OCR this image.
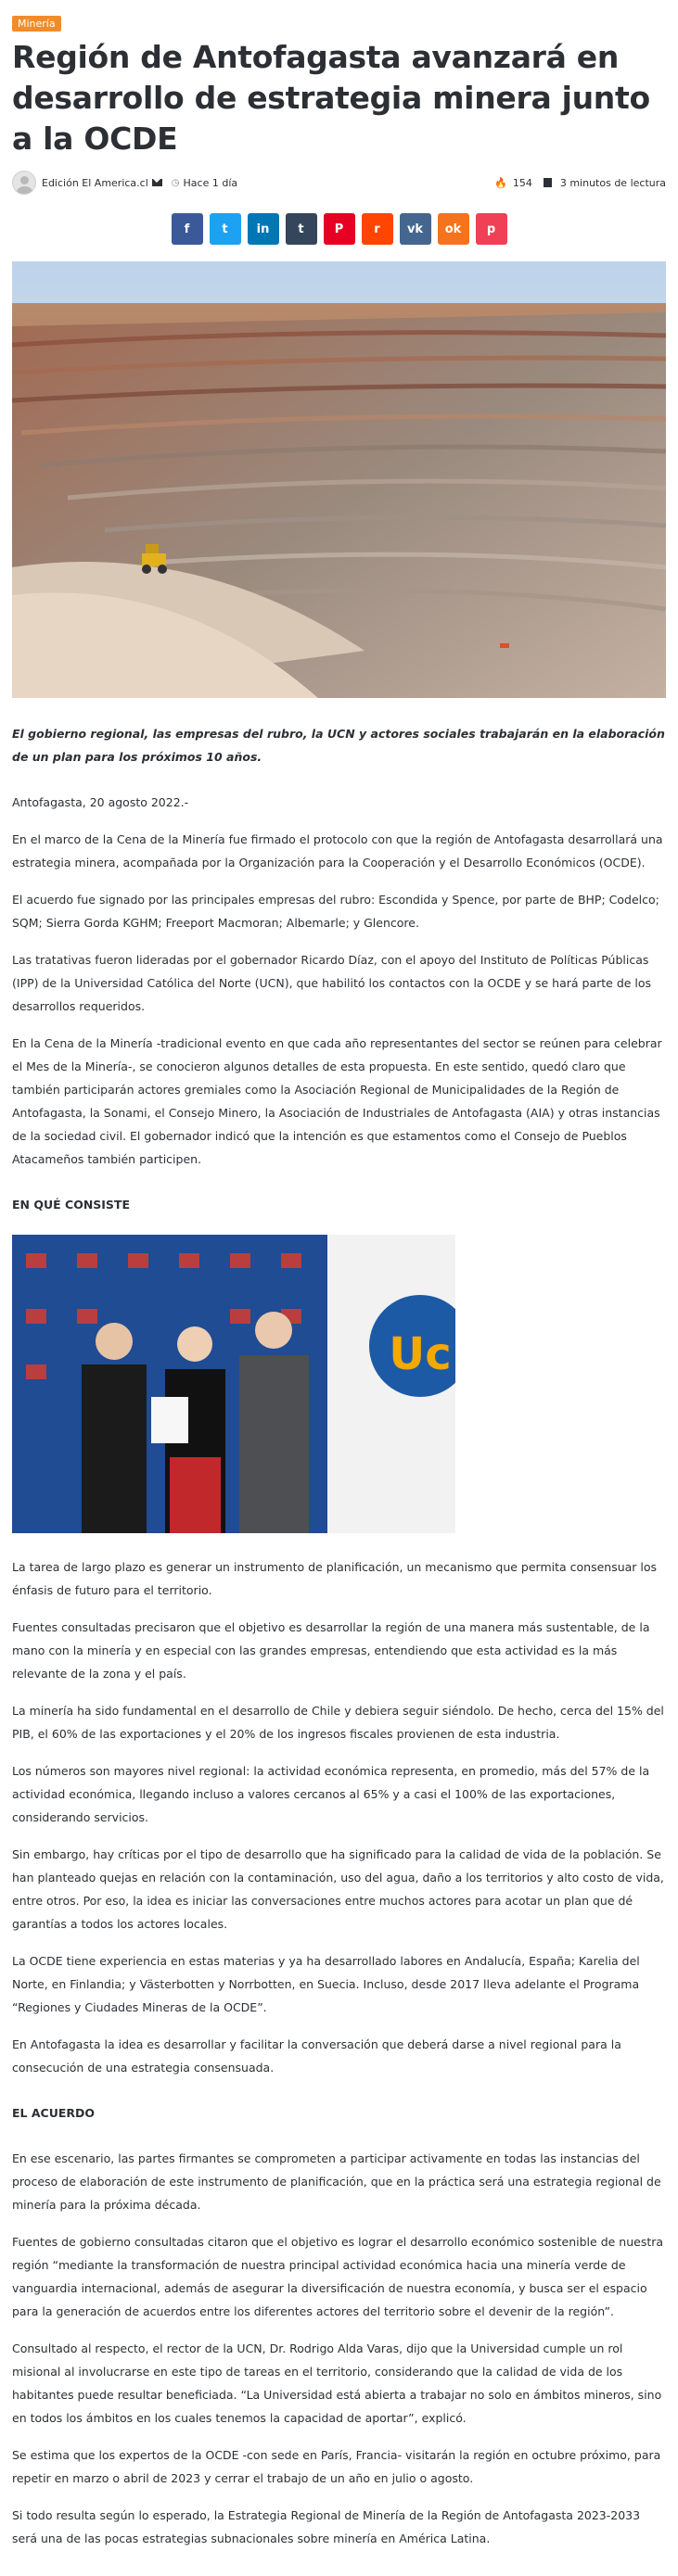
Minería
Región de Antofagasta avanzará en desarrollo de estrategia minera junto a la OCDE
Edición El America.cl	◷ Hace 1 día	🔥 154	3 minutos de lectura
f	t in t	P	r vk ok p

El gobierno regional, las empresas del rubro, la UCN y actores sociales trabajarán en la elaboración de un plan para los próximos 10 años.

Antofagasta, 20 agosto 2022.-

En el marco de la Cena de la Minería fue firmado el protocolo con que la región de Antofagasta desarrollará una estrategia minera, acompañada por la Organización para la Cooperación y el Desarrollo Económicos (OCDE).

El acuerdo fue signado por las principales empresas del rubro: Escondida y Spence, por parte de BHP; Codelco; SQM; Sierra Gorda KGHM; Freeport Macmoran; Albemarle; y Glencore.

Las tratativas fueron lideradas por el gobernador Ricardo Díaz, con el apoyo del Instituto de Políticas Públicas (IPP) de la Universidad Católica del Norte (UCN), que habilitó los contactos con la OCDE y se hará parte de los desarrollos requeridos.

En la Cena de la Minería -tradicional evento en que cada año representantes del sector se reúnen para celebrar el Mes de la Minería-, se conocieron algunos detalles de esta propuesta. En este sentido, quedó claro que también participarán actores gremiales como la Asociación Regional de Municipalidades de la Región de Antofagasta, la Sonami, el Consejo Minero, la Asociación de Industriales de Antofagasta (AIA) y otras instancias de la sociedad civil. El gobernador indicó que la intención es que estamentos como el Consejo de Pueblos Atacameños también participen.

EN QUÉ CONSISTE

Uc

La tarea de largo plazo es generar un instrumento de planificación, un mecanismo que permita consensuar los énfasis de futuro para el territorio.

Fuentes consultadas precisaron que el objetivo es desarrollar la región de una manera más sustentable, de la mano con la minería y en especial con las grandes empresas, entendiendo que esta actividad es la más relevante de la zona y el país.

La minería ha sido fundamental en el desarrollo de Chile y debiera seguir siéndolo. De hecho, cerca del 15% del PIB, el 60% de las exportaciones y el 20% de los ingresos fiscales provienen de esta industria.

Los números son mayores nivel regional: la actividad económica representa, en promedio, más del 57% de la actividad económica, llegando incluso a valores cercanos al 65% y a casi el 100% de las exportaciones, considerando servicios.

Sin embargo, hay críticas por el tipo de desarrollo que ha significado para la calidad de vida de la población. Se han planteado quejas en relación con la contaminación, uso del agua, daño a los territorios y alto costo de vida, entre otros. Por eso, la idea es iniciar las conversaciones entre muchos actores para acotar un plan que dé garantías a todos los actores locales.

La OCDE tiene experiencia en estas materias y ya ha desarrollado labores en Andalucía, España; Karelia del Norte, en Finlandia; y Västerbotten y Norrbotten, en Suecia. Incluso, desde 2017 lleva adelante el Programa “Regiones y Ciudades Mineras de la OCDE”.

En Antofagasta la idea es desarrollar y facilitar la conversación que deberá darse a nivel regional para la consecución de una estrategia consensuada.

EL ACUERDO

En ese escenario, las partes firmantes se comprometen a participar activamente en todas las instancias del proceso de elaboración de este instrumento de planificación, que en la práctica será una estrategia regional de minería para la próxima década.

Fuentes de gobierno consultadas citaron que el objetivo es lograr el desarrollo económico sostenible de nuestra región “mediante la transformación de nuestra principal actividad económica hacia una minería verde de vanguardia internacional, además de asegurar la diversificación de nuestra economía, y busca ser el espacio para la generación de acuerdos entre los diferentes actores del territorio sobre el devenir de la región”.

Consultado al respecto, el rector de la UCN, Dr. Rodrigo Alda Varas, dijo que la Universidad cumple un rol misional al involucrarse en este tipo de tareas en el territorio, considerando que la calidad de vida de los habitantes puede resultar beneficiada. “La Universidad está abierta a trabajar no solo en ámbitos mineros, sino en todos los ámbitos en los cuales tenemos la capacidad de aportar”, explicó.

Se estima que los expertos de la OCDE -con sede en París, Francia- visitarán la región en octubre próximo, para repetir en marzo o abril de 2023 y cerrar el trabajo de un año en julio o agosto.

Si todo resulta según lo esperado, la Estrategia Regional de Minería de la Región de Antofagasta 2023-2033 será una de las pocas estrategias subnacionales sobre minería en América Latina.
